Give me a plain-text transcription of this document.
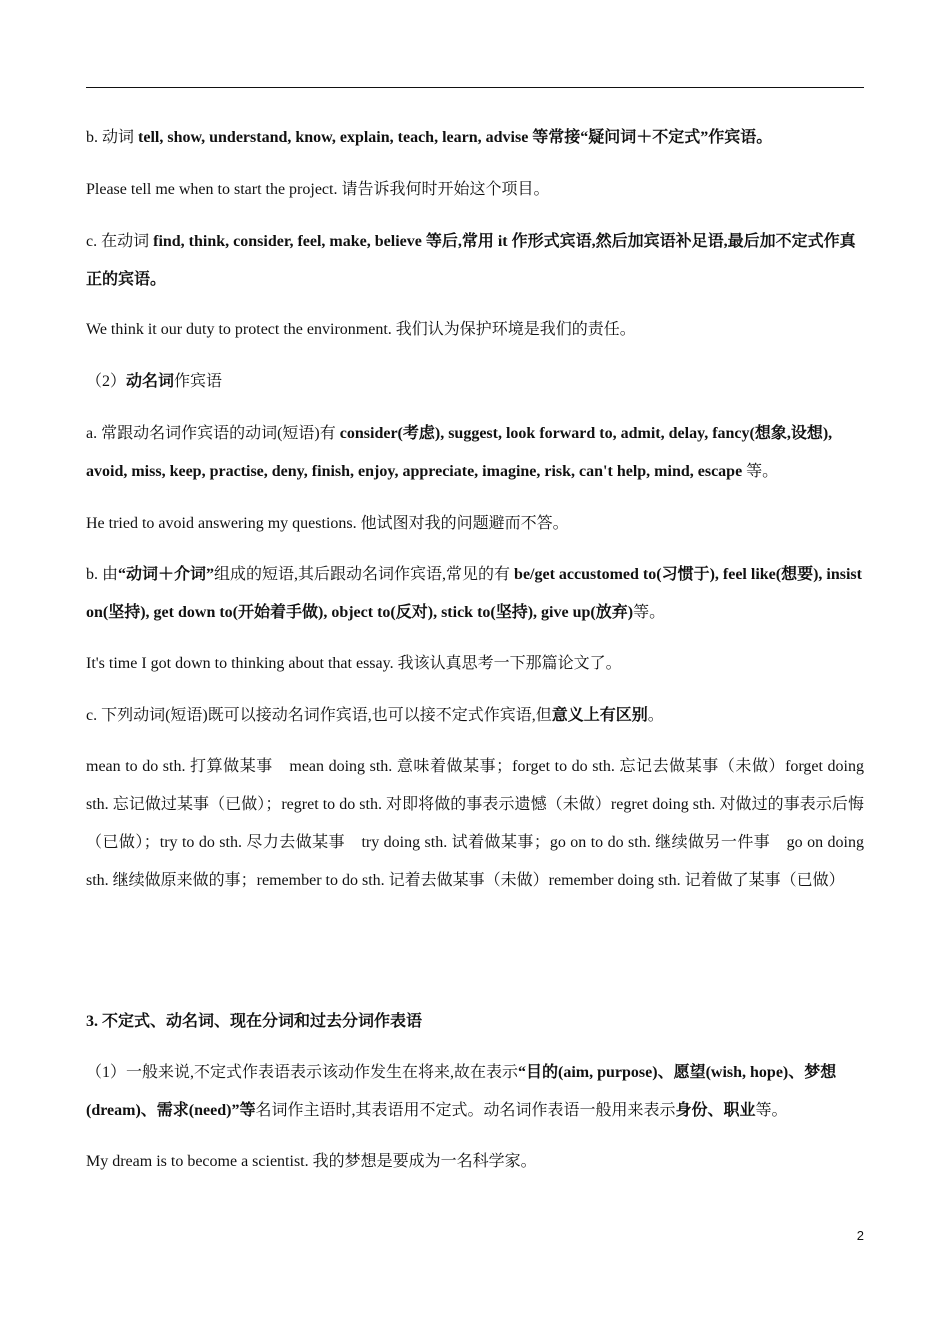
b. 动词 tell, show, understand, know, explain, teach, learn, advise 等常接“疑问词＋不定式”作宾语。

Please tell me when to start the project. 请告诉我何时开始这个项目。

c. 在动词 find, think, consider, feel, make, believe 等后,常用 it 作形式宾语,然后加宾语补足语,最后加不定式作真正的宾语。

We think it our duty to protect the environment. 我们认为保护环境是我们的责任。

（2）动名词作宾语

a. 常跟动名词作宾语的动词(短语)有 consider(考虑), suggest, look forward to, admit, delay, fancy(想象,设想), avoid, miss, keep, practise, deny, finish, enjoy, appreciate, imagine, risk, can't help, mind, escape 等。

He tried to avoid answering my questions. 他试图对我的问题避而不答。

b. 由“动词＋介词”组成的短语,其后跟动名词作宾语,常见的有 be/get accustomed to(习惯于), feel like(想要), insist on(坚持), get down to(开始着手做), object to(反对), stick to(坚持), give up(放弃)等。

It's time I got down to thinking about that essay. 我该认真思考一下那篇论文了。

c. 下列动词(短语)既可以接动名词作宾语,也可以接不定式作宾语,但意义上有区别。

mean to do sth. 打算做某事　mean doing sth. 意味着做某事；forget to do sth. 忘记去做某事（未做）forget doing sth. 忘记做过某事（已做）；regret to do sth. 对即将做的事表示遗憾（未做）regret doing sth. 对做过的事表示后悔（已做）；try to do sth. 尽力去做某事　try doing sth. 试着做某事；go on to do sth. 继续做另一件事　go on doing sth. 继续做原来做的事；remember to do sth. 记着去做某事（未做）remember doing sth. 记着做了某事（已做）

3. 不定式、动名词、现在分词和过去分词作表语

（1）一般来说,不定式作表语表示该动作发生在将来,故在表示“目的(aim, purpose)、愿望(wish, hope)、梦想(dream)、需求(need)”等名词作主语时,其表语用不定式。动名词作表语一般用来表示身份、职业等。

My dream is to become a scientist. 我的梦想是要成为一名科学家。

2
